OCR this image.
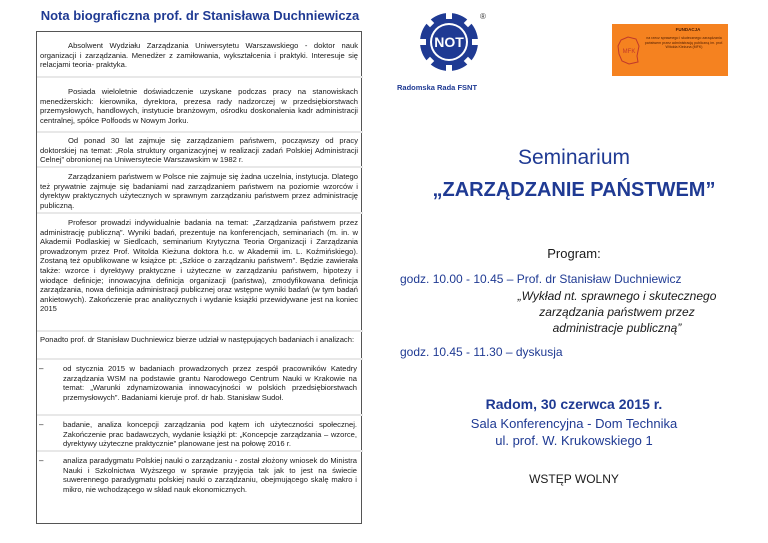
Nota biograficzna prof. dr Stanisława Duchniewicza

Absolwent Wydziału Zarządzania Uniwersytetu Warszawskiego - doktor nauk organizacji i zarządzania. Menedżer z zamiłowania, wykształcenia i praktyki. Interesuje się relacjami teoria- praktyka.

Posiada wieloletnie doświadczenie uzyskane podczas pracy na stanowiskach menedżerskich: kierownika, dyrektora, prezesa rady nadzorczej w przedsiębiorstwach przemysłowych, handlowych, instytucie branżowym, ośrodku doskonalenia kadr administracji centralnej, spółce Polfoods w Nowym Jorku.

Od ponad 30 lat zajmuje się zarządzaniem państwem, począwszy od pracy doktorskiej na temat: „Rola struktury organizacyjnej w realizacji zadań Polskiej Administracji Celnej” obronionej na Uniwersytecie Warszawskim w 1982 r.

Zarządzaniem państwem w Polsce nie zajmuje się żadna uczelnia, instytucja. Dlatego też prywatnie zajmuje się badaniami nad zarządzaniem państwem na poziomie wzorców i dyrektyw praktycznych użytecznych w sprawnym zarządzaniu państwem przez administrację publiczną.

Profesor prowadzi indywidualnie badania na temat: „Zarządzania państwem przez administrację publiczną”. Wyniki badań, prezentuje na konferencjach, seminariach (m. in. w Akademii Podlaskiej w Siedlcach, seminarium Krytyczna Teoria Organizacji i Zarządzania prowadzonym przez Prof. Witolda Kieżuna doktora h.c. w Akademii im. L. Koźmińskiego). Zostaną też opublikowane w książce pt: „Szkice o zarządzaniu państwem”. Będzie zawierała także: wzorce i dyrektywy praktyczne i użyteczne w zarządzaniu państwem, hipotezy i wiodące definicje; innowacyjna definicja organizacji (państwa), zmodyfikowana definicja zarządzania, nowa definicja administracji publicznej oraz wstępne wyniki badań (w tym badań ankietowych). Zakończenie prac analitycznych i wydanie książki przewidywane jest na koniec 2015

Ponadto prof. dr Stanisław Duchniewicz bierze udział w następujących badaniach i analizach:

–	od stycznia 2015 w badaniach prowadzonych przez zespół pracowników Katedry zarządzania WSM na podstawie grantu Narodowego Centrum Nauki w Krakowie na temat: „Warunki zdynamizowania innowacyjności w polskich przedsiębiorstwach przemysłowych”. Badaniami kieruje prof. dr hab. Stanisław Sudoł.

–	badanie, analiza koncepcji zarządzania pod kątem ich użyteczności społecznej. Zakończenie prac badawczych, wydanie książki pt: „Koncepcje zarządzania – wzorce, dyrektywy użyteczne praktycznie” planowane jest na połowę 2016 r.

–	analiza paradygmatu Polskiej nauki o zarządzaniu - został złożony wniosek do Ministra Nauki i Szkolnictwa Wyższego w sprawie przyjęcia tak jak to jest na świecie suwerennego paradygmatu polskiej nauki o zarządzaniu, obejmującego skalę makro i mikro, nie wchodzącego w skład nauk ekonomicznych.

NOT
®
Radomska Rada FSNT
MFK
FUNDACJA
na rzecz sprawnego i skutecznego zarządzania państwem przez administrację publiczną im. prof. Witolda Kieżuna (MFK)
Seminarium
„ZARZĄDZANIE PAŃSTWEM”
Program:
godz. 10.00 - 10.45 – Prof. dr Stanisław Duchniewicz
„Wykład nt. sprawnego i skutecznego
zarządzania państwem przez
administracje publiczną”
godz. 10.45 - 11.30 – dyskusja
Radom, 30 czerwca 2015 r.
Sala Konferencyjna - Dom Technika
ul. prof. W. Krukowskiego 1
WSTĘP WOLNY
